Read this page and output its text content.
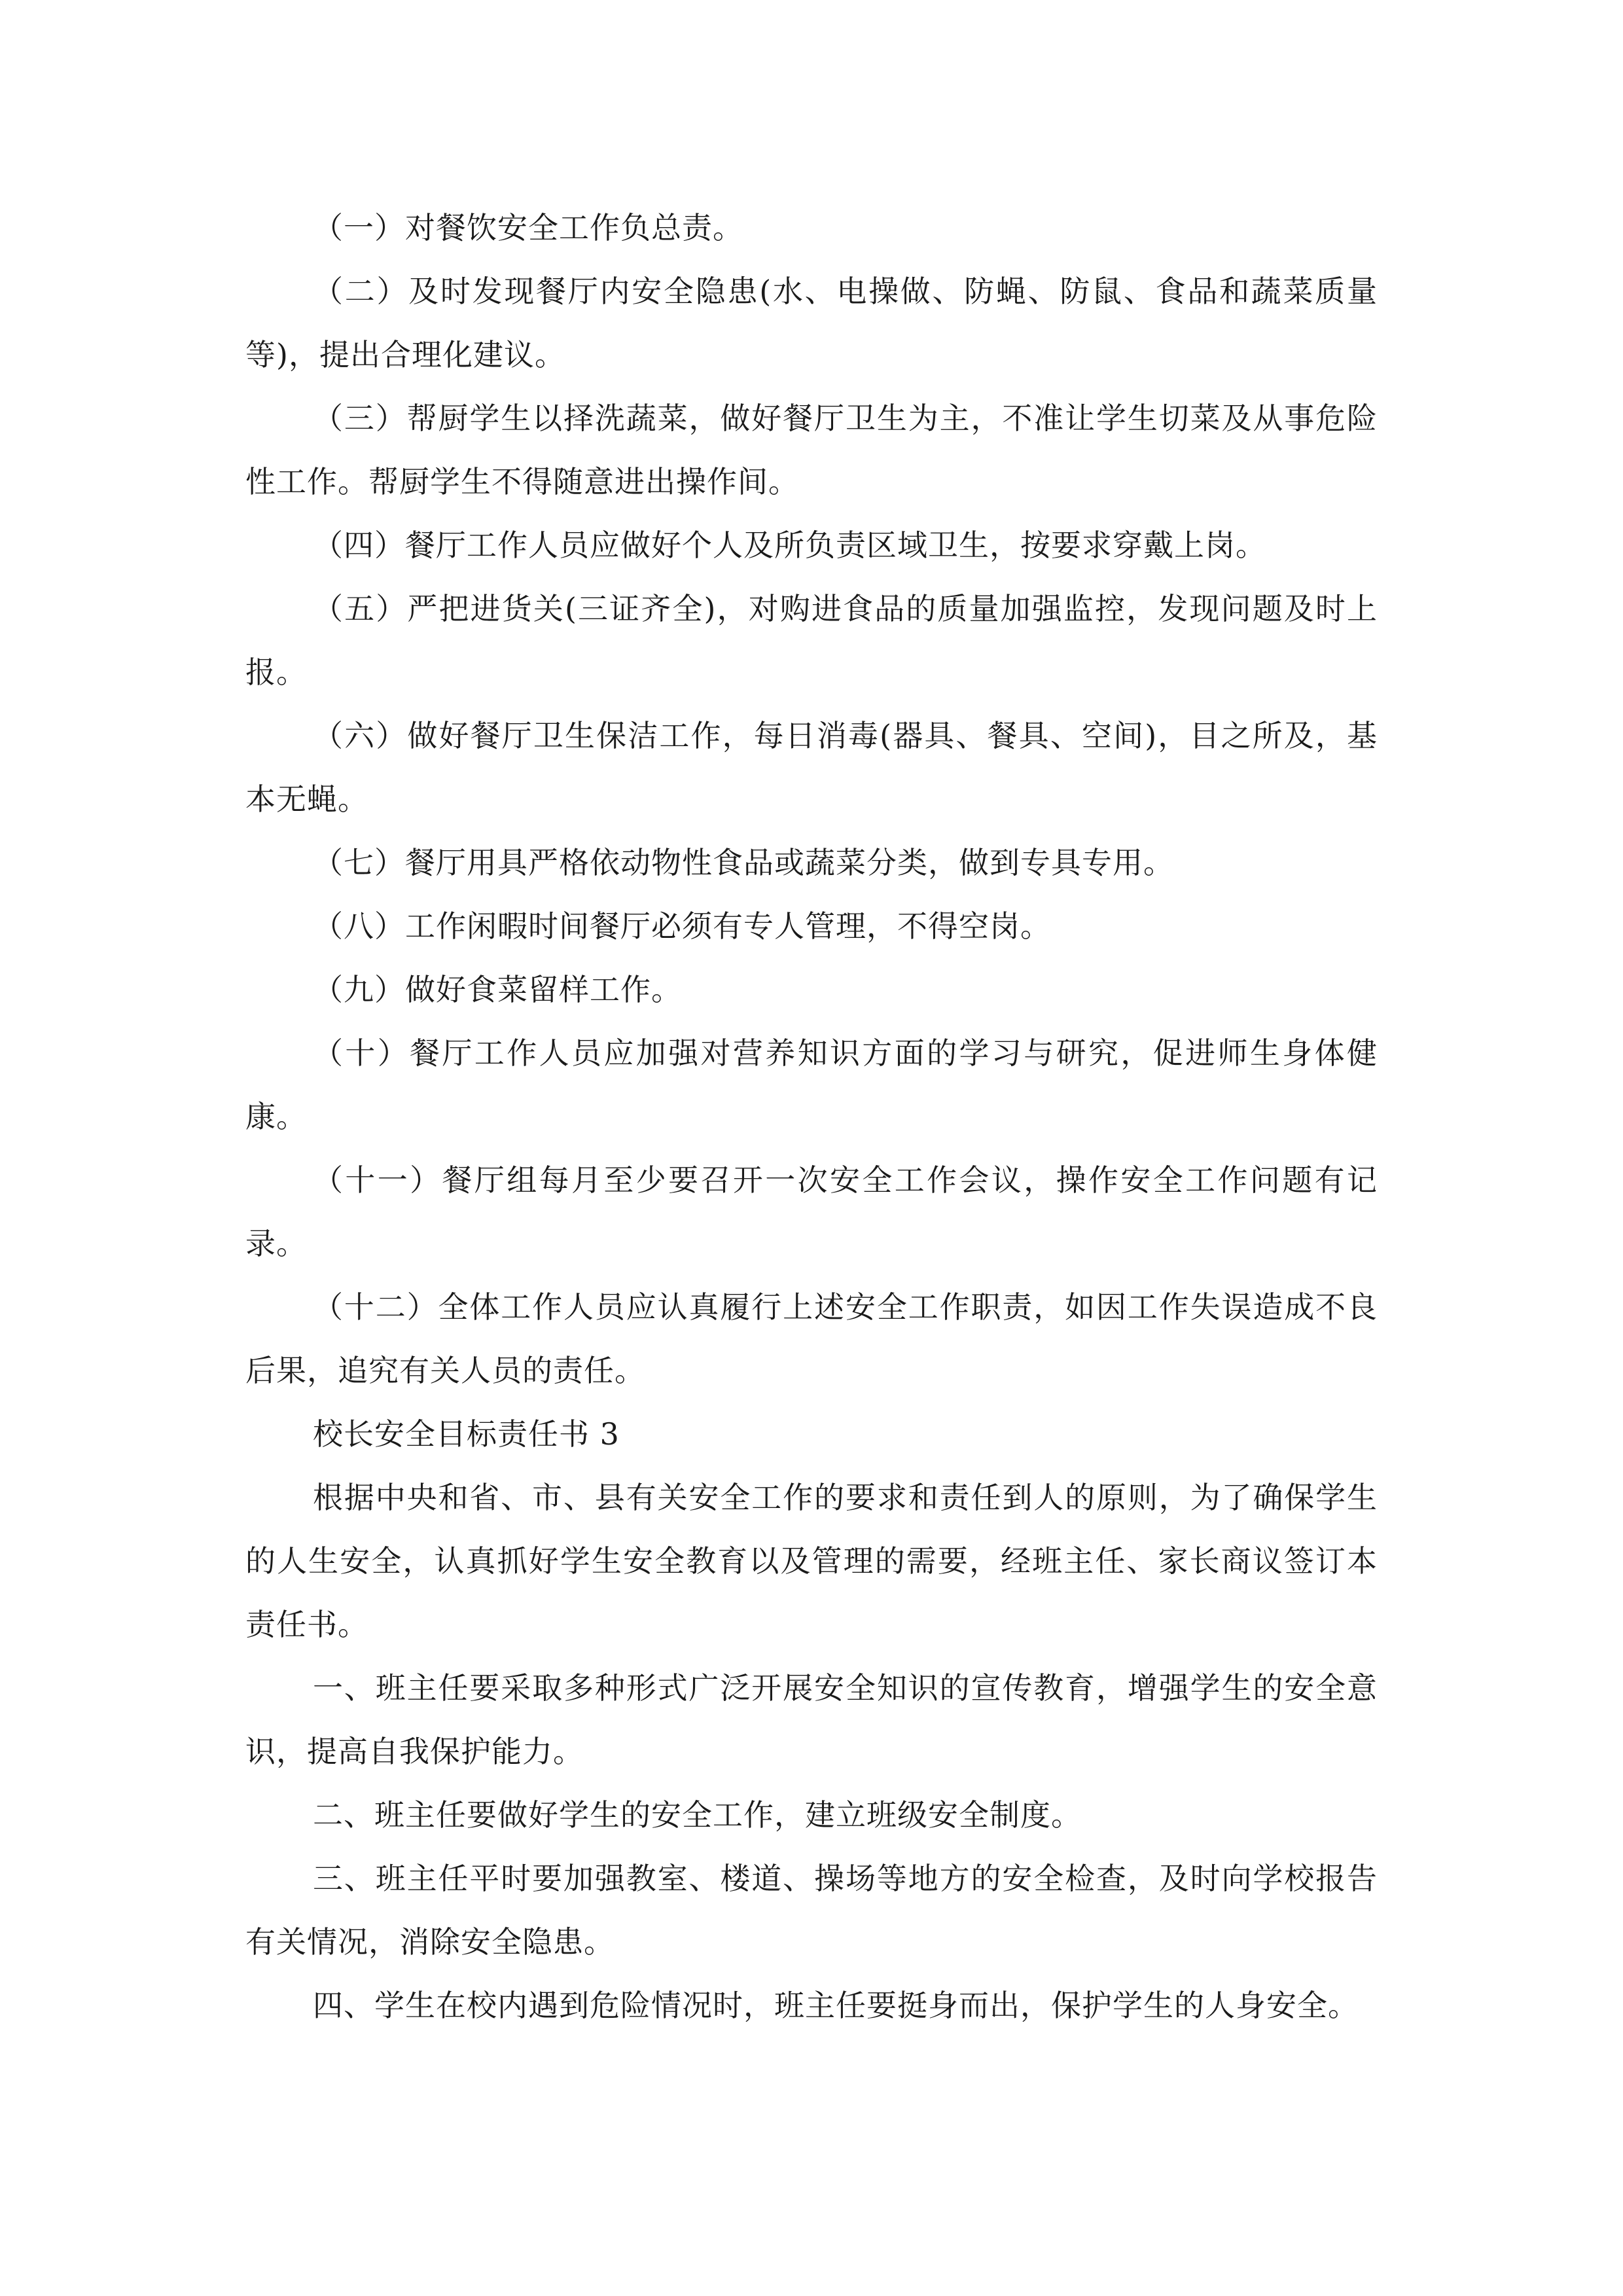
（一）对餐饮安全工作负总责。

（二）及时发现餐厅内安全隐患(水、电操做、防蝇、防鼠、食品和蔬菜质量等)，提出合理化建议。

（三）帮厨学生以择洗蔬菜，做好餐厅卫生为主，不准让学生切菜及从事危险性工作。帮厨学生不得随意进出操作间。

（四）餐厅工作人员应做好个人及所负责区域卫生，按要求穿戴上岗。

（五）严把进货关(三证齐全)，对购进食品的质量加强监控，发现问题及时上报。

（六）做好餐厅卫生保洁工作，每日消毒(器具、餐具、空间)，目之所及，基本无蝇。

（七）餐厅用具严格依动物性食品或蔬菜分类，做到专具专用。

（八）工作闲暇时间餐厅必须有专人管理，不得空岗。

（九）做好食菜留样工作。

（十）餐厅工作人员应加强对营养知识方面的学习与研究，促进师生身体健康。

（十一）餐厅组每月至少要召开一次安全工作会议，操作安全工作问题有记录。

（十二）全体工作人员应认真履行上述安全工作职责，如因工作失误造成不良后果，追究有关人员的责任。

校长安全目标责任书 3

根据中央和省、市、县有关安全工作的要求和责任到人的原则，为了确保学生的人生安全，认真抓好学生安全教育以及管理的需要，经班主任、家长商议签订本责任书。

一、班主任要采取多种形式广泛开展安全知识的宣传教育，增强学生的安全意识，提高自我保护能力。

二、班主任要做好学生的安全工作，建立班级安全制度。

三、班主任平时要加强教室、楼道、操场等地方的安全检查，及时向学校报告有关情况，消除安全隐患。

四、学生在校内遇到危险情况时，班主任要挺身而出，保护学生的人身安全。
